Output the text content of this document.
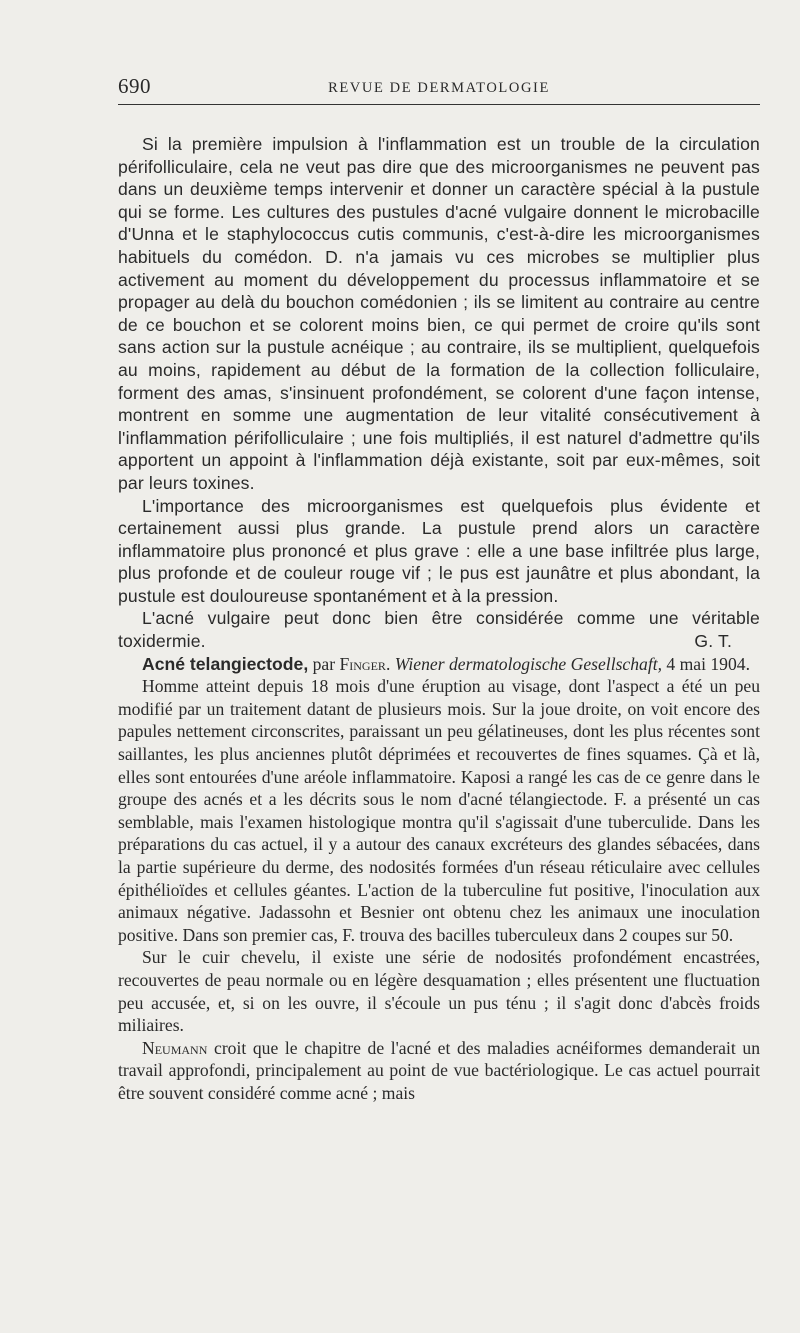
690	REVUE DE DERMATOLOGIE

Si la première impulsion à l'inflammation est un trouble de la circulation périfolliculaire, cela ne veut pas dire que des microorganismes ne peuvent pas dans un deuxième temps intervenir et donner un caractère spécial à la pustule qui se forme. Les cultures des pustules d'acné vulgaire donnent le microbacille d'Unna et le staphylococcus cutis communis, c'est-à-dire les microorganismes habituels du comédon. D. n'a jamais vu ces microbes se multiplier plus activement au moment du développement du processus inflammatoire et se propager au delà du bouchon comédonien ; ils se limitent au contraire au centre de ce bouchon et se colorent moins bien, ce qui permet de croire qu'ils sont sans action sur la pustule acnéique ; au contraire, ils se multiplient, quelquefois au moins, rapidement au début de la formation de la collection folliculaire, forment des amas, s'insinuent profondément, se colorent d'une façon intense, montrent en somme une augmentation de leur vitalité consécutivement à l'inflammation périfolliculaire ; une fois multipliés, il est naturel d'admettre qu'ils apportent un appoint à l'inflammation déjà existante, soit par eux-mêmes, soit par leurs toxines.

L'importance des microorganismes est quelquefois plus évidente et certainement aussi plus grande. La pustule prend alors un caractère inflammatoire plus prononcé et plus grave : elle a une base infiltrée plus large, plus profonde et de couleur rouge vif ; le pus est jaunâtre et plus abondant, la pustule est douloureuse spontanément et à la pression.

L'acné vulgaire peut donc bien être considérée comme une véritable toxidermie.	G. T.

Acné telangiectode, par Finger. Wiener dermatologische Gesellschaft, 4 mai 1904.

Homme atteint depuis 18 mois d'une éruption au visage, dont l'aspect a été un peu modifié par un traitement datant de plusieurs mois. Sur la joue droite, on voit encore des papules nettement circonscrites, paraissant un peu gélatineuses, dont les plus récentes sont saillantes, les plus anciennes plutôt déprimées et recouvertes de fines squames. Çà et là, elles sont entourées d'une aréole inflammatoire. Kaposi a rangé les cas de ce genre dans le groupe des acnés et a les décrits sous le nom d'acné télangiectode. F. a présenté un cas semblable, mais l'examen histologique montra qu'il s'agissait d'une tuberculide. Dans les préparations du cas actuel, il y a autour des canaux excréteurs des glandes sébacées, dans la partie supérieure du derme, des nodosités formées d'un réseau réticulaire avec cellules épithélioïdes et cellules géantes. L'action de la tuberculine fut positive, l'inoculation aux animaux négative. Jadassohn et Besnier ont obtenu chez les animaux une inoculation positive. Dans son premier cas, F. trouva des bacilles tuberculeux dans 2 coupes sur 50.

Sur le cuir chevelu, il existe une série de nodosités profondément encastrées, recouvertes de peau normale ou en légère desquamation ; elles présentent une fluctuation peu accusée, et, si on les ouvre, il s'écoule un pus ténu ; il s'agit donc d'abcès froids miliaires.

Neumann croit que le chapitre de l'acné et des maladies acnéiformes demanderait un travail approfondi, principalement au point de vue bactériologique. Le cas actuel pourrait être souvent considéré comme acné ; mais
